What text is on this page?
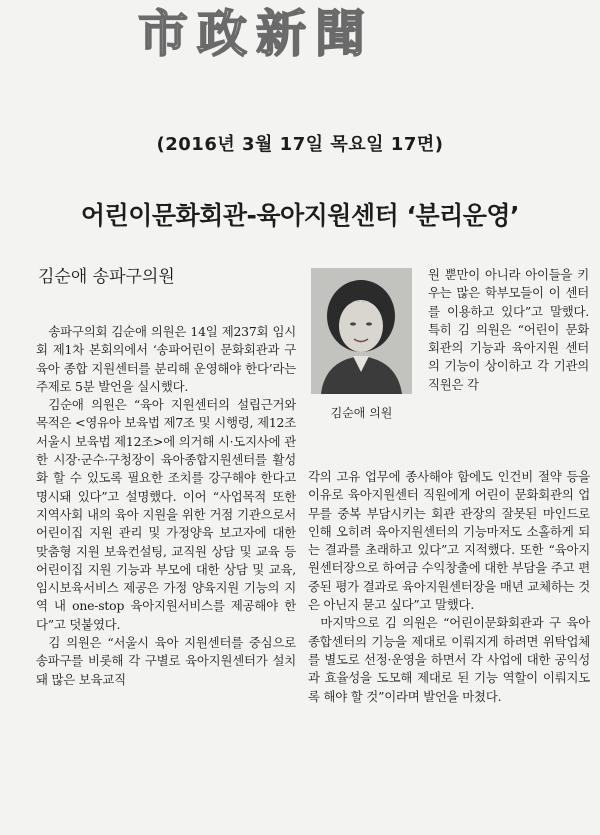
市政新聞
(2016년 3월 17일 목요일 17면)
어린이문화회관-육아지원센터 ‘분리운영’
김순애 송파구의원

송파구의회 김순애 의원은 14일 제237회 임시회 제1차 본회의에서 ‘송파어린이 문화회관과 구 육아 종합 지원센터를 분리해 운영해야 한다’라는 주제로 5분 발언을 실시했다.

김순애 의원은 “육아 지원센터의 설립근거와 목적은 <영유아 보육법 제7조 및 시행령, 제12조 서울시 보육법 제12조>에 의거해 시·도지사에 관한 시장·군수·구청장이 육아종합지원센터를 활성화 할 수 있도록 필요한 조치를 강구해야 한다고 명시돼 있다”고 설명했다. 이어 “사업목적 또한 지역사회 내의 육아 지원을 위한 거점 기관으로서 어린이집 지원 관리 및 가정양육 보고자에 대한 맞춤형 지원 보육컨설팅, 교직원 상담 및 교육 등 어린이집 지원 기능과 부모에 대한 상담 및 교육, 임시보육서비스 제공은 가정 양육지원 기능의 지역 내 one-stop 육아지원서비스를 제공해야 한다”고 덧붙였다.

김 의원은 “서울시 육아 지원센터를 중심으로 송파구를 비롯해 각 구별로 육아지원센터가 설치돼 많은 보육교직

김순애 의원

원 뿐만이 아니라 아이들을 키우는 많은 학부모들이 이 센터를 이용하고 있다”고 말했다. 특히 김 의원은 “어린이 문화회관의 기능과 육아지원 센터의 기능이 상이하고 각 기관의 직원은 각

각의 고유 업무에 종사해야 함에도 인건비 절약 등을 이유로 육아지원센터 직원에게 어린이 문화회관의 업무를 중복 부담시키는 회관 관장의 잘못된 마인드로 인해 오히려 육아지원센터의 기능마저도 소홀하게 되는 결과를 초래하고 있다”고 지적했다. 또한 “육아지원센터장으로 하여금 수익창출에 대한 부담을 주고 편중된 평가 결과로 육아지원센터장을 매년 교체하는 것은 아닌지 묻고 싶다”고 말했다.

마지막으로 김 의원은 “어린이문화회관과 구 육아종합센터의 기능을 제대로 이뤄지게 하려면 위탁업체를 별도로 선정·운영을 하면서 각 사업에 대한 공익성과 효율성을 도모해 제대로 된 기능 역할이 이뤄지도록 해야 할 것”이라며 발언을 마쳤다.
